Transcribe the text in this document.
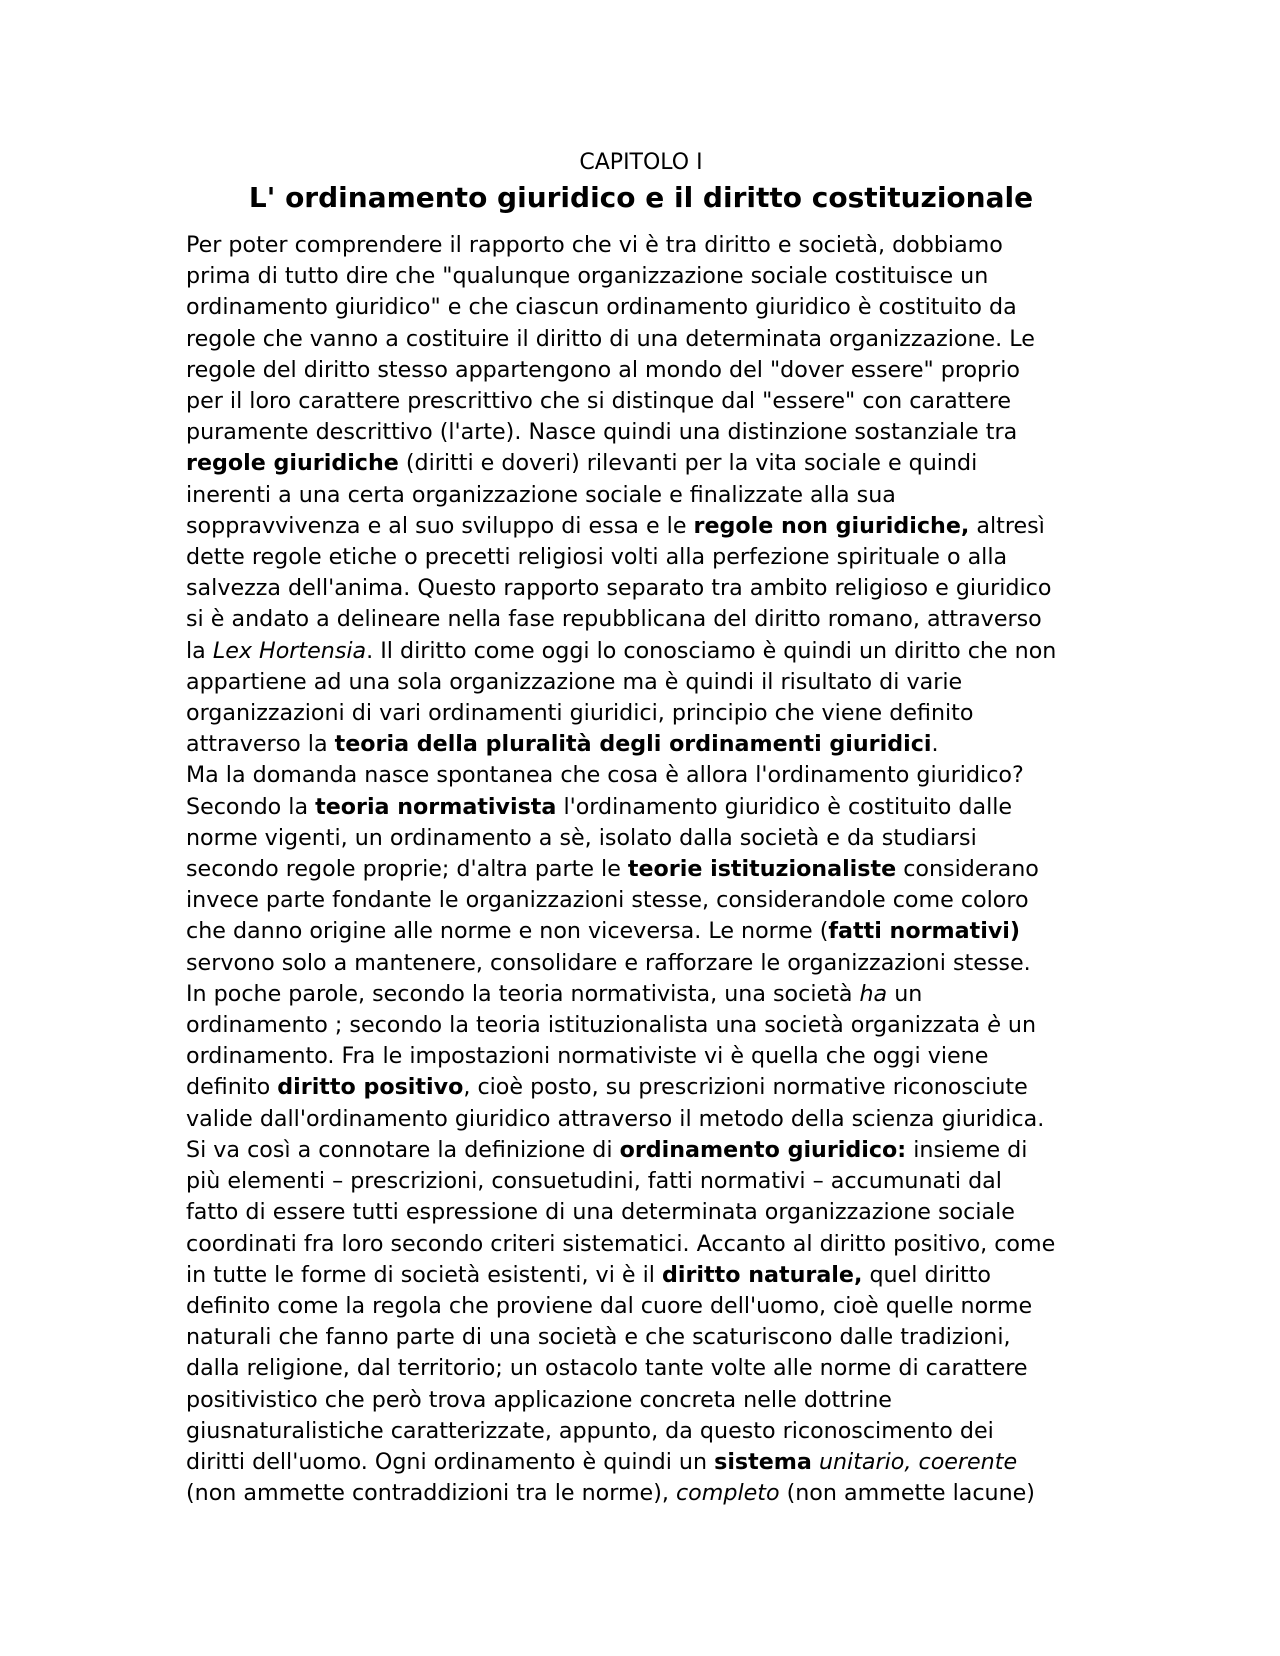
CAPITOLO I
L' ordinamento giuridico e il diritto costituzionale
Per poter comprendere il rapporto che vi è tra diritto e società, dobbiamo
prima di tutto dire che "qualunque organizzazione sociale costituisce un
ordinamento giuridico" e che ciascun ordinamento giuridico è costituito da
regole che vanno a costituire il diritto di una determinata organizzazione. Le
regole del diritto stesso appartengono al mondo del "dover essere" proprio
per il loro carattere prescrittivo che si distinque dal "essere" con carattere
puramente descrittivo (l'arte). Nasce quindi una distinzione sostanziale tra
regole giuridiche (diritti e doveri) rilevanti per la vita sociale e quindi
inerenti a una certa organizzazione sociale e finalizzate alla sua
soppravvivenza e al suo sviluppo di essa e le regole non giuridiche, altresì
dette regole etiche o precetti religiosi volti alla perfezione spirituale o alla
salvezza dell'anima. Questo rapporto separato tra ambito religioso e giuridico
si è andato a delineare nella fase repubblicana del diritto romano, attraverso
la Lex Hortensia. Il diritto come oggi lo conosciamo è quindi un diritto che non
appartiene ad una sola organizzazione ma è quindi il risultato di varie
organizzazioni di vari ordinamenti giuridici, principio che viene definito
attraverso la teoria della pluralità degli ordinamenti giuridici.
Ma la domanda nasce spontanea che cosa è allora l'ordinamento giuridico?
Secondo la teoria normativista l'ordinamento giuridico è costituito dalle
norme vigenti, un ordinamento a sè, isolato dalla società e da studiarsi
secondo regole proprie; d'altra parte le teorie istituzionaliste considerano
invece parte fondante le organizzazioni stesse, considerandole come coloro
che danno origine alle norme e non viceversa. Le norme (fatti normativi)
servono solo a mantenere, consolidare e rafforzare le organizzazioni stesse.
In poche parole, secondo la teoria normativista, una società ha un
ordinamento ; secondo la teoria istituzionalista una società organizzata è un
ordinamento. Fra le impostazioni normativiste vi è quella che oggi viene
definito diritto positivo, cioè posto, su prescrizioni normative riconosciute
valide dall'ordinamento giuridico attraverso il metodo della scienza giuridica.
Si va così a connotare la definizione di ordinamento giuridico: insieme di
più elementi – prescrizioni, consuetudini, fatti normativi – accumunati dal
fatto di essere tutti espressione di una determinata organizzazione sociale
coordinati fra loro secondo criteri sistematici. Accanto al diritto positivo, come
in tutte le forme di società esistenti, vi è il diritto naturale, quel diritto
definito come la regola che proviene dal cuore dell'uomo, cioè quelle norme
naturali che fanno parte di una società e che scaturiscono dalle tradizioni,
dalla religione, dal territorio; un ostacolo tante volte alle norme di carattere
positivistico che però trova applicazione concreta nelle dottrine
giusnaturalistiche caratterizzate, appunto, da questo riconoscimento dei
diritti dell'uomo. Ogni ordinamento è quindi un sistema unitario, coerente
(non ammette contraddizioni tra le norme), completo (non ammette lacune)
